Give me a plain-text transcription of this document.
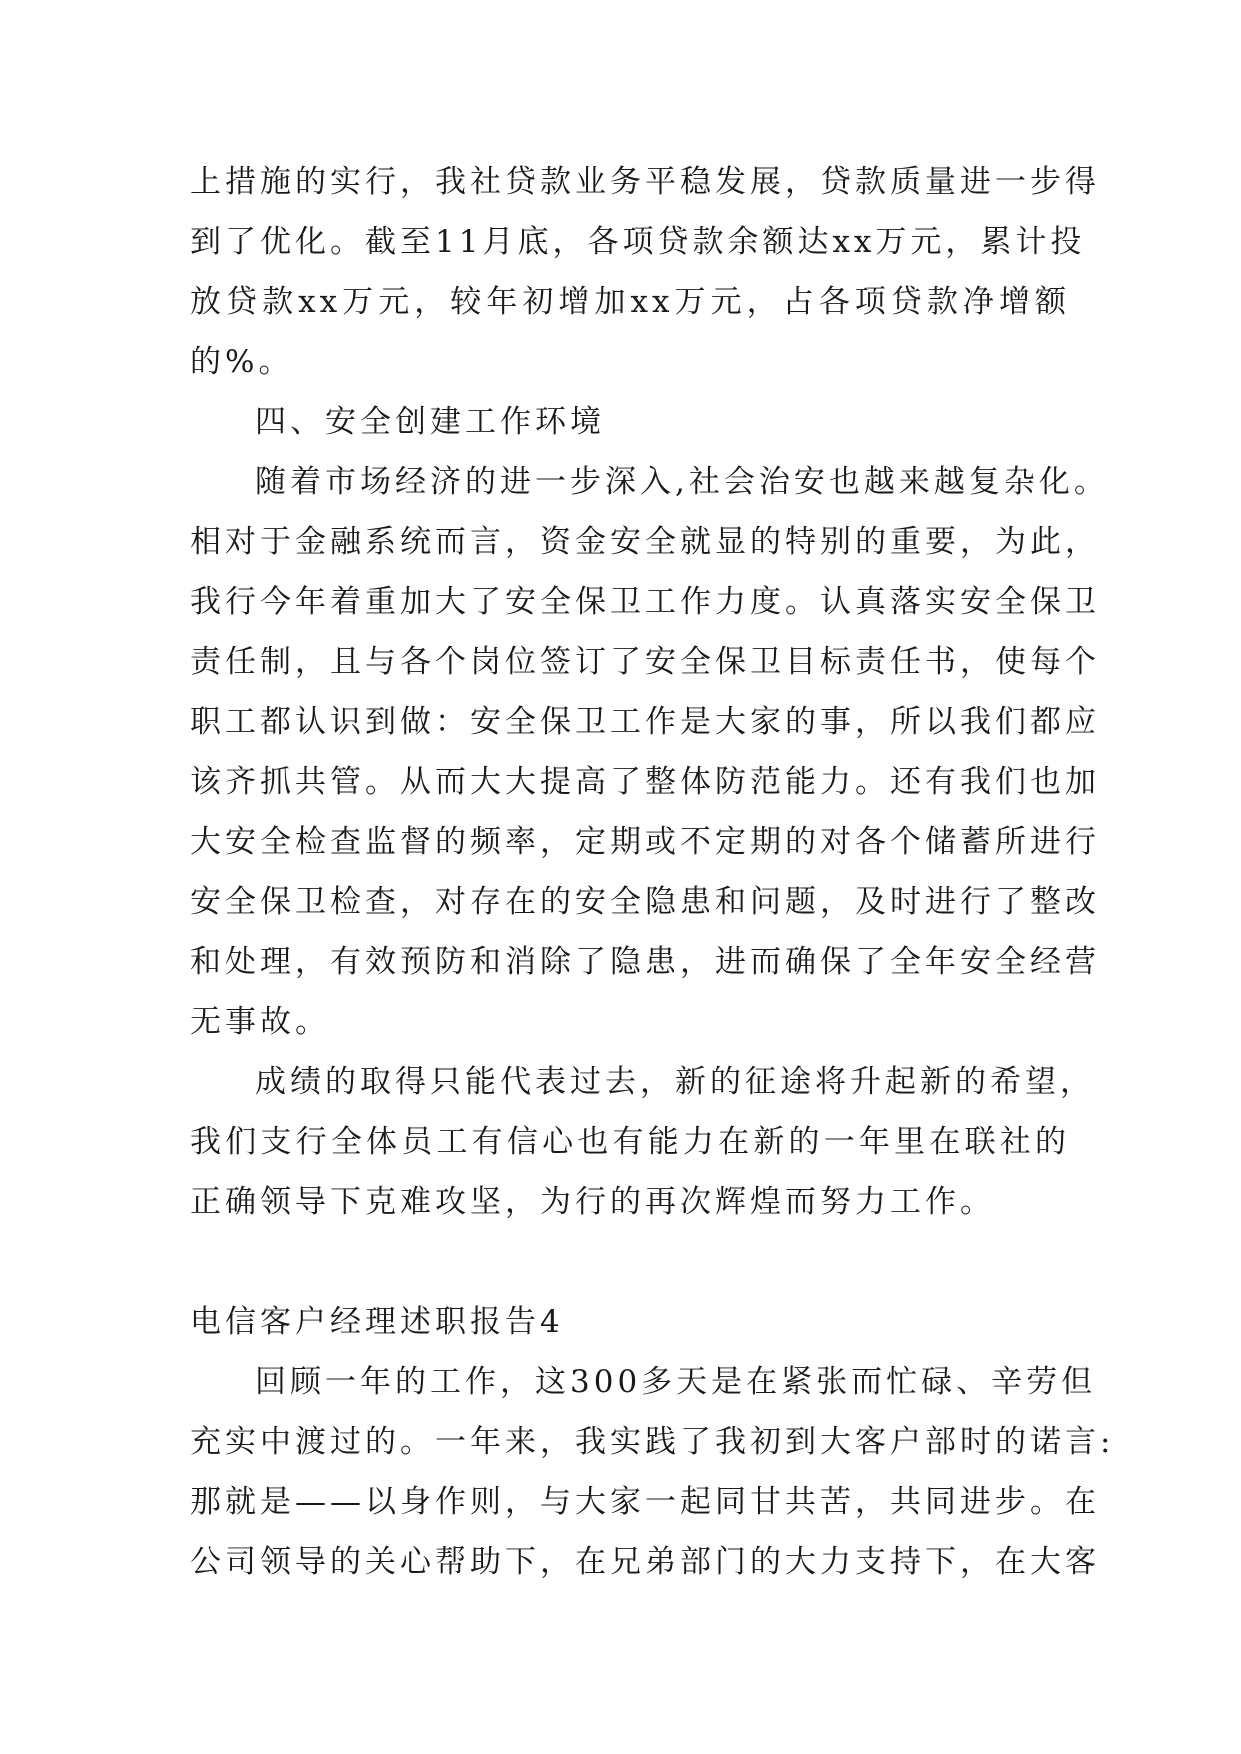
上措施的实行，我社贷款业务平稳发展，贷款质量进一步得
到了优化。截至11月底，各项贷款余额达xx万元，累计投
放贷款xx万元，较年初增加xx万元，占各项贷款净增额
的%。
四、安全创建工作环境
随着市场经济的进一步深入,社会治安也越来越复杂化。
相对于金融系统而言，资金安全就显的特别的重要，为此，
我行今年着重加大了安全保卫工作力度。认真落实安全保卫
责任制，且与各个岗位签订了安全保卫目标责任书，使每个
职工都认识到做：安全保卫工作是大家的事，所以我们都应
该齐抓共管。从而大大提高了整体防范能力。还有我们也加
大安全检查监督的频率，定期或不定期的对各个储蓄所进行
安全保卫检查，对存在的安全隐患和问题，及时进行了整改
和处理，有效预防和消除了隐患，进而确保了全年安全经营
无事故。
成绩的取得只能代表过去，新的征途将升起新的希望，
我们支行全体员工有信心也有能力在新的一年里在联社的
正确领导下克难攻坚，为行的再次辉煌而努力工作。
电信客户经理述职报告4
回顾一年的工作，这300多天是在紧张而忙碌、辛劳但
充实中渡过的。一年来，我实践了我初到大客户部时的诺言:
那就是——以身作则，与大家一起同甘共苦，共同进步。在
公司领导的关心帮助下，在兄弟部门的大力支持下，在大客
